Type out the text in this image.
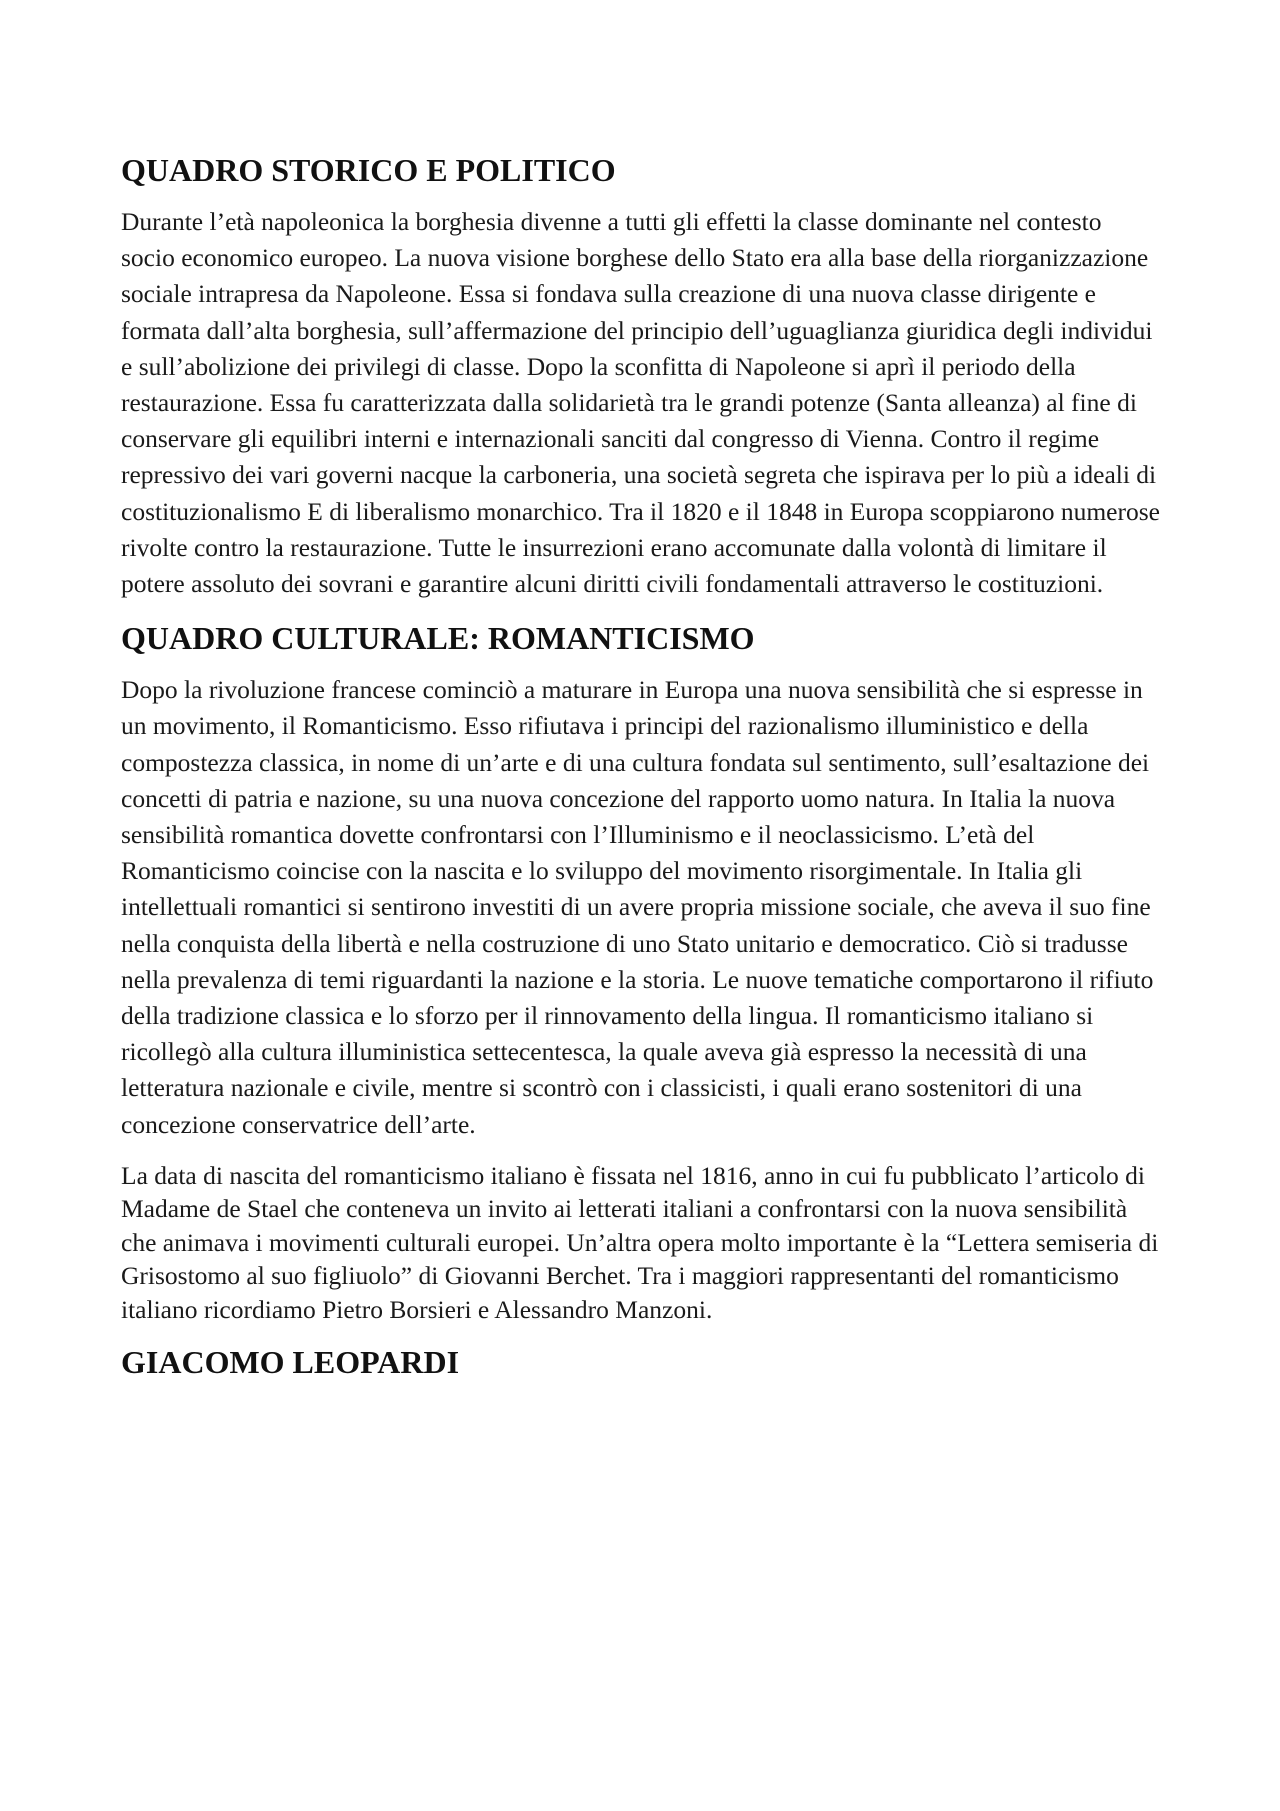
QUADRO STORICO E POLITICO

Durante l’età napoleonica la borghesia divenne a tutti gli effetti la classe dominante nel contesto socio economico europeo. La nuova visione borghese dello Stato era alla base della riorganizzazione sociale intrapresa da Napoleone. Essa si fondava sulla creazione di una nuova classe dirigente e formata dall’alta borghesia, sull’affermazione del principio dell’uguaglianza giuridica degli individui e sull’abolizione dei privilegi di classe. Dopo la sconfitta di Napoleone si aprì il periodo della restaurazione. Essa fu caratterizzata dalla solidarietà tra le grandi potenze (Santa alleanza) al fine di conservare gli equilibri interni e internazionali sanciti dal congresso di Vienna. Contro il regime repressivo dei vari governi nacque la carboneria, una società segreta che ispirava per lo più a ideali di costituzionalismo E di liberalismo monarchico. Tra il 1820 e il 1848 in Europa scoppiarono numerose rivolte contro la restaurazione. Tutte le insurrezioni erano accomunate dalla volontà di limitare il potere assoluto dei sovrani e garantire alcuni diritti civili fondamentali attraverso le costituzioni.

QUADRO CULTURALE: ROMANTICISMO

Dopo la rivoluzione francese cominciò a maturare in Europa una nuova sensibilità che si espresse in un movimento, il Romanticismo. Esso rifiutava i principi del razionalismo illuministico e della compostezza classica, in nome di un’arte e di una cultura fondata sul sentimento, sull’esaltazione dei concetti di patria e nazione, su una nuova concezione del rapporto uomo natura. In Italia la nuova sensibilità romantica dovette confrontarsi con l’Illuminismo e il neoclassicismo. L’età del Romanticismo coincise con la nascita e lo sviluppo del movimento risorgimentale. In Italia gli intellettuali romantici si sentirono investiti di un avere propria missione sociale, che aveva il suo fine nella conquista della libertà e nella costruzione di uno Stato unitario e democratico. Ciò si tradusse nella prevalenza di temi riguardanti la nazione e la storia. Le nuove tematiche comportarono il rifiuto della tradizione classica e lo sforzo per il rinnovamento della lingua. Il romanticismo italiano si ricollegò alla cultura illuministica settecentesca, la quale aveva già espresso la necessità di una letteratura nazionale e civile, mentre si scontrò con i classicisti, i quali erano sostenitori di una concezione conservatrice dell’arte.

La data di nascita del romanticismo italiano è fissata nel 1816, anno in cui fu pubblicato l’articolo di Madame de Stael che conteneva un invito ai letterati italiani a confrontarsi con la nuova sensibilità che animava i movimenti culturali europei. Un’altra opera molto importante è la “Lettera semiseria di Grisostomo al suo figliuolo” di Giovanni Berchet. Tra i maggiori rappresentanti del romanticismo italiano ricordiamo Pietro Borsieri e Alessandro Manzoni.

GIACOMO LEOPARDI
